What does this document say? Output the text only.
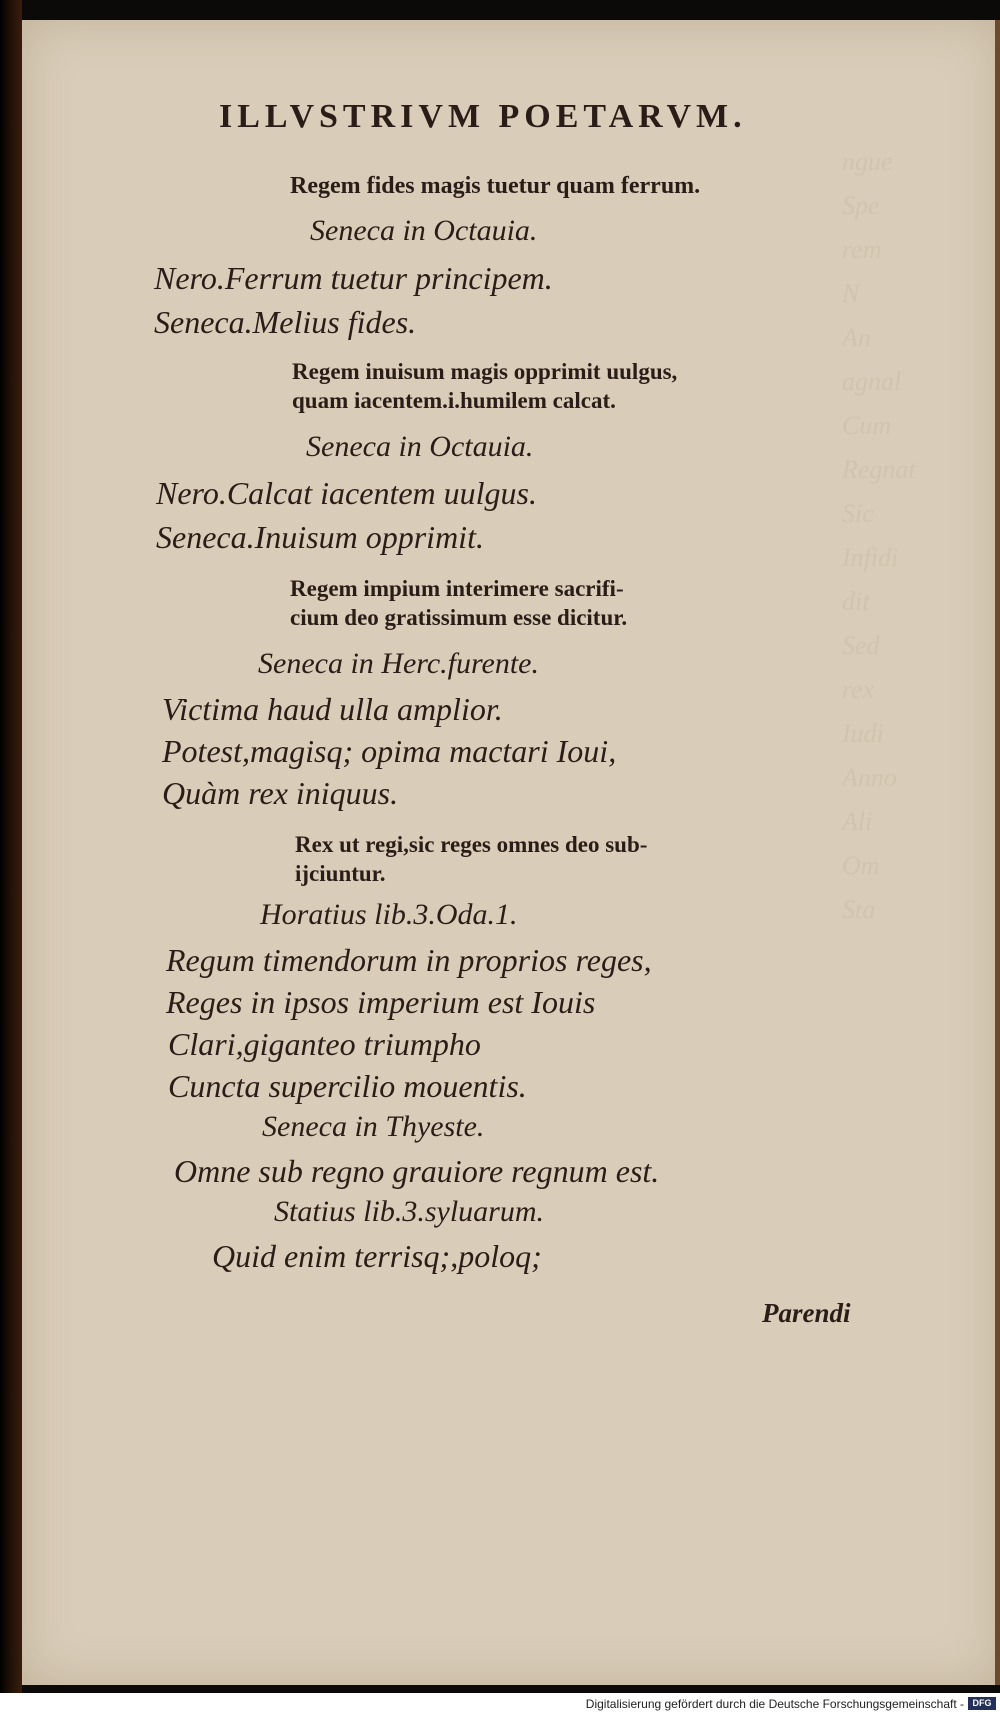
ngue
Spe
rem
N
An
agnal
Cum
Regnat
Sic
Infidi
dit
Sed
rex
Iudi
Anno
Ali
Om
Sta
ILLVSTRIVM POETARVM.
Regem fides magis tuetur quam ferrum.
Seneca in Octauia.
Nero.Ferrum tuetur principem.
Seneca.Melius fides.
Regem inuisum magis opprimit uulgus,
quam iacentem.i.humilem calcat.
Seneca in Octauia.
Nero.Calcat iacentem uulgus.
Seneca.Inuisum opprimit.
Regem impium interimere sacrifi-
cium deo gratissimum esse dicitur.
Seneca in Herc.furente.
Victima haud ulla amplior.
Potest,magisq; opima mactari Ioui,
Quàm rex iniquus.
Rex ut regi,sic reges omnes deo sub-
ijciuntur.
Horatius lib.3.Oda.1.
Regum timendorum in proprios reges,
Reges in ipsos imperium est Iouis
Clari,giganteo triumpho
Cuncta supercilio mouentis.
Seneca in Thyeste.
Omne sub regno grauiore regnum est.
Statius lib.3.syluarum.
Quid enim terrisq;,poloq;
Parendi
Digitalisierung gefördert durch die Deutsche Forschungsgemeinschaft - DFG
